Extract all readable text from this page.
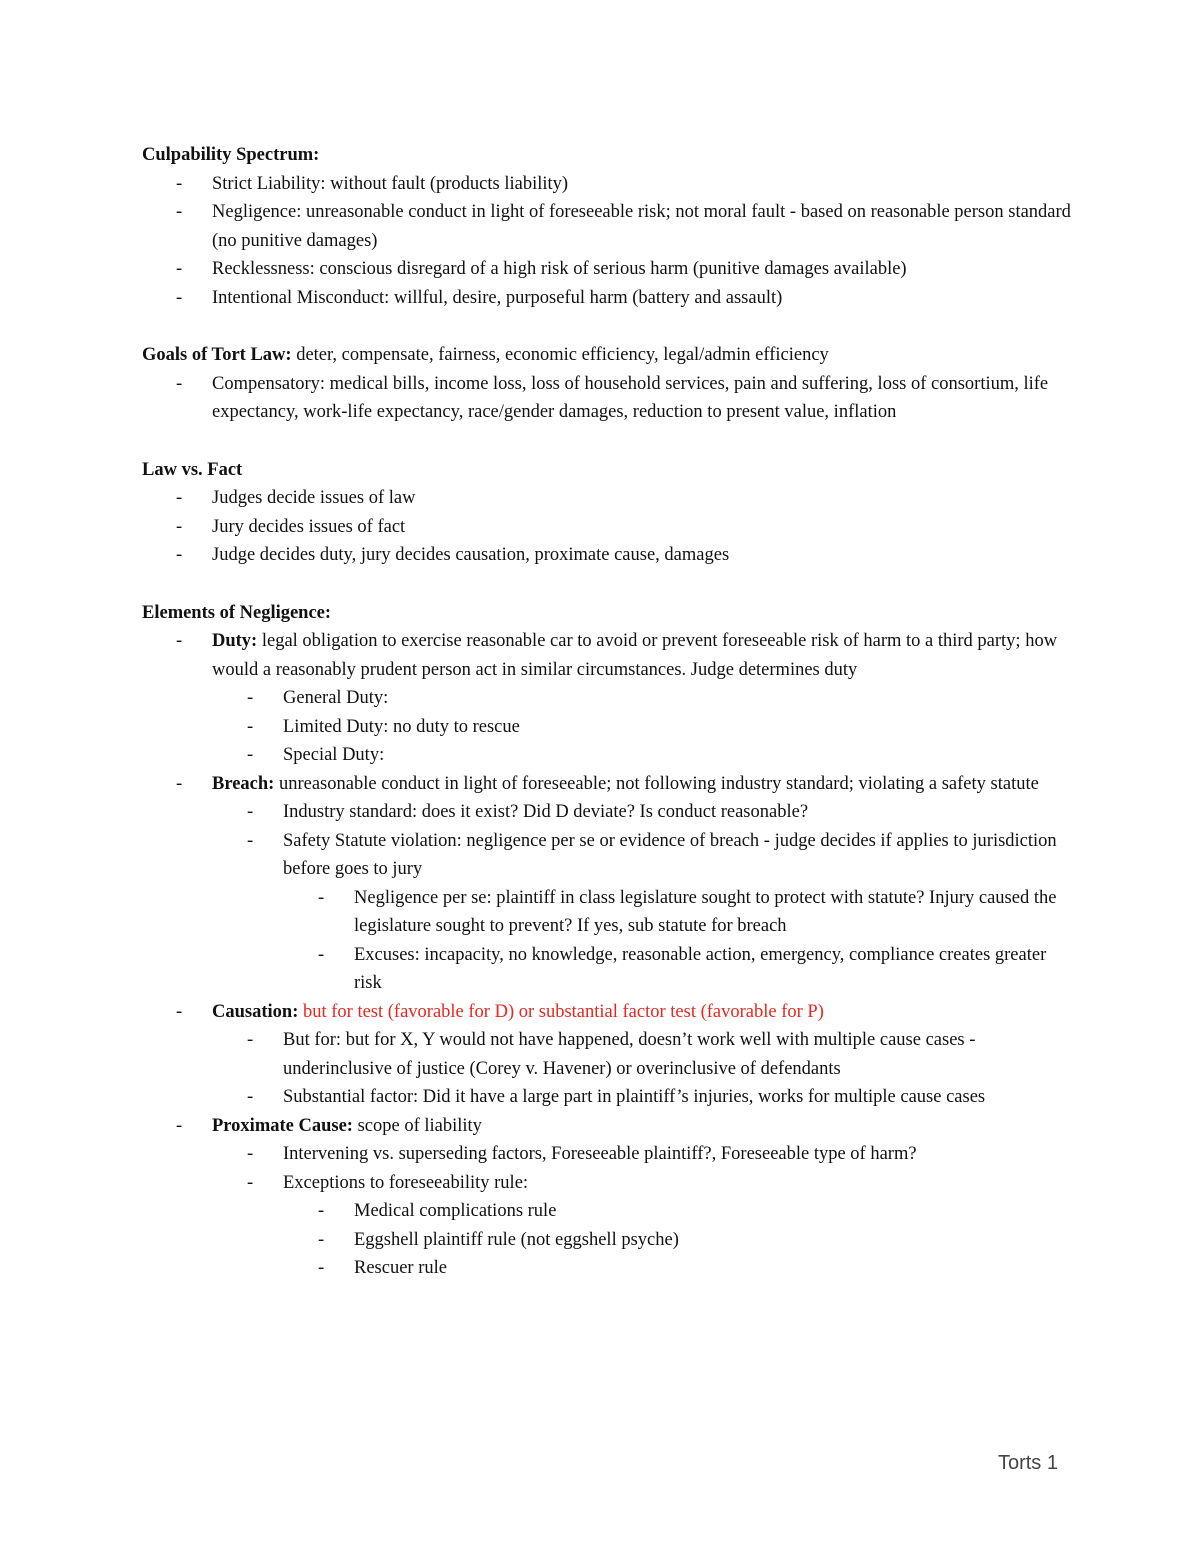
Culpability Spectrum:

- Strict Liability: without fault (products liability)
- Negligence: unreasonable conduct in light of foreseeable risk; not moral fault - based on reasonable person standard (no punitive damages)
- Recklessness: conscious disregard of a high risk of serious harm (punitive damages available)
- Intentional Misconduct: willful, desire, purposeful harm (battery and assault)

Goals of Tort Law: deter, compensate, fairness, economic efficiency, legal/admin efficiency

- Compensatory: medical bills, income loss, loss of household services, pain and suffering, loss of consortium, life expectancy, work-life expectancy, race/gender damages, reduction to present value, inflation

Law vs. Fact

- Judges decide issues of law
- Jury decides issues of fact
- Judge decides duty, jury decides causation, proximate cause, damages

Elements of Negligence:

- Duty: legal obligation to exercise reasonable car to avoid or prevent foreseeable risk of harm to a third party; how would a reasonably prudent person act in similar circumstances. Judge determines duty
- General Duty:
- Limited Duty: no duty to rescue
- Special Duty:
- Breach: unreasonable conduct in light of foreseeable; not following industry standard; violating a safety statute
- Industry standard: does it exist? Did D deviate? Is conduct reasonable?
- Safety Statute violation: negligence per se or evidence of breach - judge decides if applies to jurisdiction before goes to jury
- Negligence per se: plaintiff in class legislature sought to protect with statute? Injury caused the legislature sought to prevent? If yes, sub statute for breach
- Excuses: incapacity, no knowledge, reasonable action, emergency, compliance creates greater risk
- Causation: but for test (favorable for D) or substantial factor test (favorable for P)
- But for: but for X, Y would not have happened, doesn’t work well with multiple cause cases - underinclusive of justice (Corey v. Havener) or overinclusive of defendants
- Substantial factor: Did it have a large part in plaintiff’s injuries, works for multiple cause cases
- Proximate Cause: scope of liability
- Intervening vs. superseding factors, Foreseeable plaintiff?, Foreseeable type of harm?
- Exceptions to foreseeability rule:
- Medical complications rule
- Eggshell plaintiff rule (not eggshell psyche)
- Rescuer rule
Torts 1
